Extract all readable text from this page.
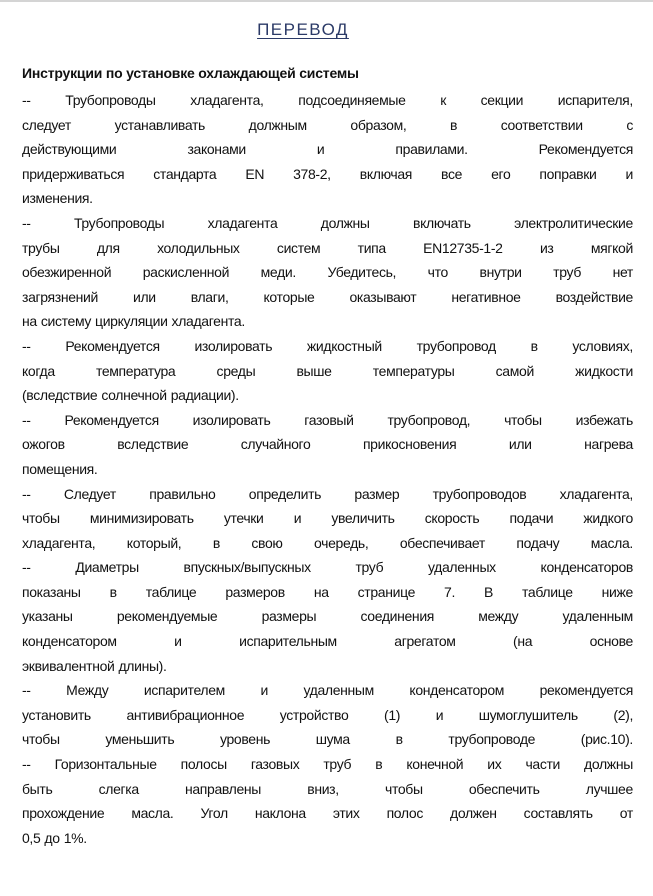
ПЕРЕВОД
Инструкции по установке охлаждающей системы
-- Трубопроводы хладагента, подсоединяемые к секции испарителя,
следует	устанавливать	должным	образом,	в	соответствии	с
действующими	законами	и	правилами.	Рекомендуется
придерживаться стандарта EN 378-2, включая все его поправки и
изменения.
--	Трубопроводы	хладагента	должны	включать	электролитические
трубы	для	холодильных	систем	типа	EN12735-1-2	из	мягкой
обезжиренной раскисленной меди. Убедитесь, что внутри труб нет
загрязнений или влаги, которые оказывают негативное воздействие
на систему циркуляции хладагента.
-- Рекомендуется изолировать жидкостный трубопровод в условиях,
когда	температура	среды	выше	температуры	самой	жидкости
(вследствие солнечной радиации).
-- Рекомендуется изолировать газовый трубопровод, чтобы избежать
ожогов	вследствие	случайного	прикосновения	или	нагрева
помещения.
-- Следует правильно определить размер трубопроводов хладагента,
чтобы минимизировать утечки и увеличить скорость подачи жидкого
хладагента, который, в свою очередь, обеспечивает подачу масла.
--	Диаметры	впускных/выпускных	труб	удаленных	конденсаторов
показаны в таблице размеров на странице 7. В таблице ниже
указаны	рекомендуемые	размеры	соединения	между	удаленным
конденсатором	и	испарительным	агрегатом	(на	основе
эквивалентной длины).
--	Между	испарителем	и	удаленным	конденсатором	рекомендуется
установить	антивибрационное	устройство	(1)	и	шумоглушитель	(2),
чтобы	уменьшить	уровень	шума	в	трубопроводе	(рис.10).
-- Горизонтальные полосы газовых труб в конечной их части должны
быть	слегка	направлены	вниз,	чтобы	обеспечить	лучшее
прохождение масла. Угол наклона этих полос должен составлять от
0,5 до 1%.
